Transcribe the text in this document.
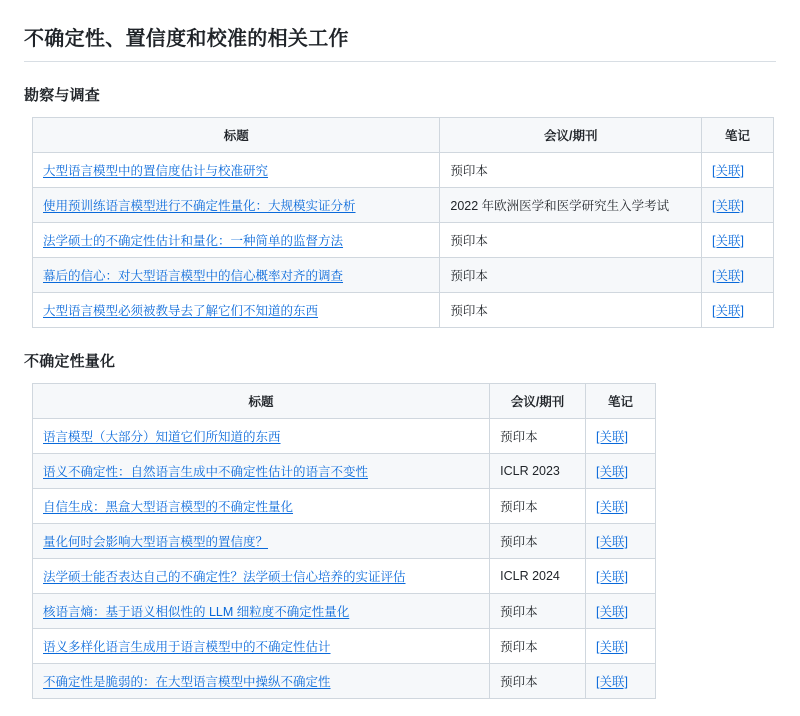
不确定性、置信度和校准的相关工作
勘察与调查
标题	会议/期刊	笔记
大型语言模型中的置信度估计与校准研究	预印本	[关联]
使用预训练语言模型进行不确定性量化：大规模实证分析	2022 年欧洲医学和医学研究生入学考试	[关联]
法学硕士的不确定性估计和量化：一种简单的监督方法	预印本	[关联]
幕后的信心：对大型语言模型中的信心概率对齐的调查	预印本	[关联]
大型语言模型必须被教导去了解它们不知道的东西	预印本	[关联]
不确定性量化
标题	会议/期刊	笔记
语言模型（大部分）知道它们所知道的东西	预印本	[关联]
语义不确定性：自然语言生成中不确定性估计的语言不变性	ICLR 2023	[关联]
自信生成：黑盒大型语言模型的不确定性量化	预印本	[关联]
量化何时会影响大型语言模型的置信度？	预印本	[关联]
法学硕士能否表达自己的不确定性？法学硕士信心培养的实证评估	ICLR 2024	[关联]
核语言熵：基于语义相似性的 LLM 细粒度不确定性量化	预印本	[关联]
语义多样化语言生成用于语言模型中的不确定性估计	预印本	[关联]
不确定性是脆弱的：在大型语言模型中操纵不确定性	预印本	[关联]
